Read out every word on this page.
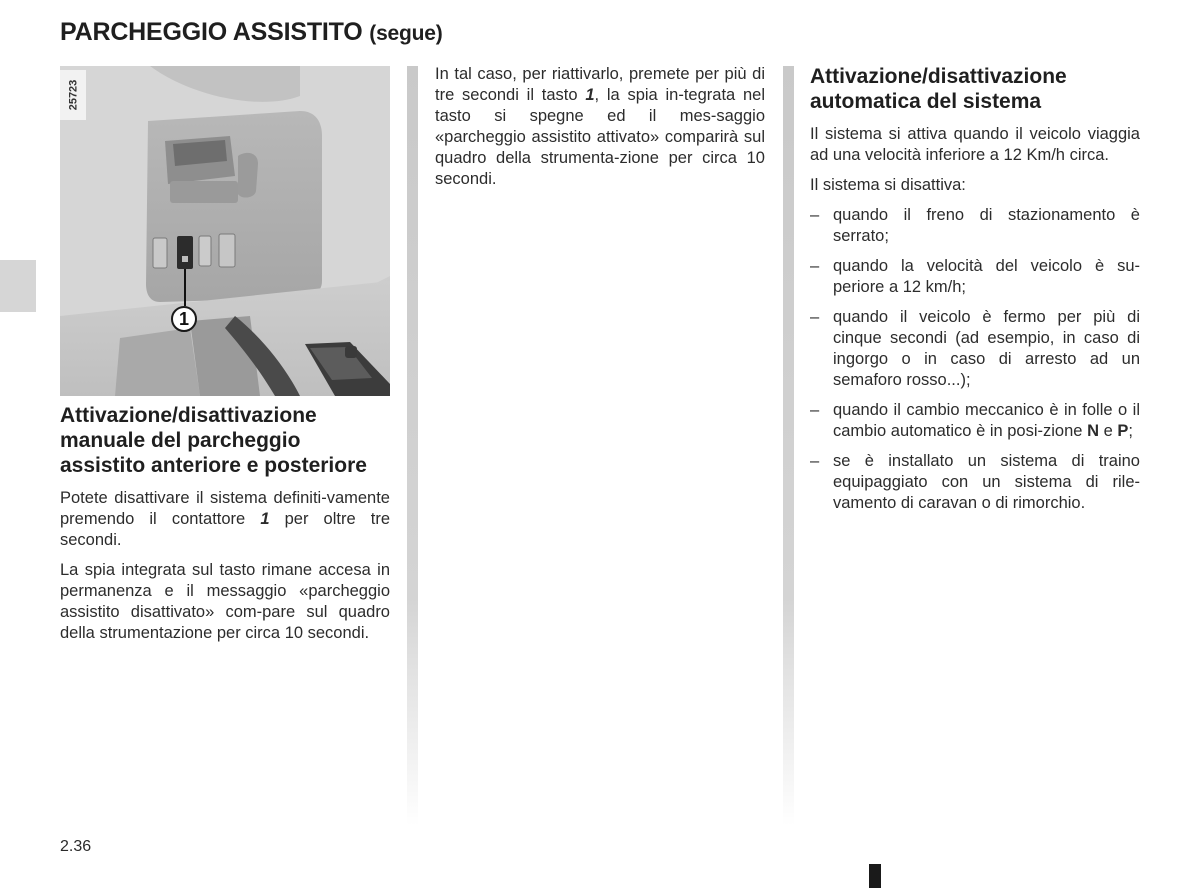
PARCHEGGIO ASSISTITO (segue)
25723
1
Attivazione/disattivazione manuale del parcheggio assistito anteriore e posteriore

Potete disattivare il sistema definiti-vamente premendo il contattore 1 per oltre tre secondi.

La spia integrata sul tasto rimane accesa in permanenza e il messaggio «parcheggio assistito disattivato» com-pare sul quadro della strumentazione per circa 10 secondi.

In tal caso, per riattivarlo, premete per più di tre secondi il tasto 1, la spia in-tegrata nel tasto si spegne ed il mes-saggio «parcheggio assistito attivato» comparirà sul quadro della strumenta-zione per circa 10 secondi.

Attivazione/disattivazione automatica del sistema

Il sistema si attiva quando il veicolo viaggia ad una velocità inferiore a 12 Km/h circa.

Il sistema si disattiva:

– quando il freno di stazionamento è serrato;
– quando la velocità del veicolo è su-periore a 12 km/h;
– quando il veicolo è fermo per più di cinque secondi (ad esempio, in caso di ingorgo o in caso di arresto ad un semaforo rosso...);
– quando il cambio meccanico è in folle o il cambio automatico è in posi-zione N e P;
– se è installato un sistema di traino equipaggiato con un sistema di rile-vamento di caravan o di rimorchio.
2.36
